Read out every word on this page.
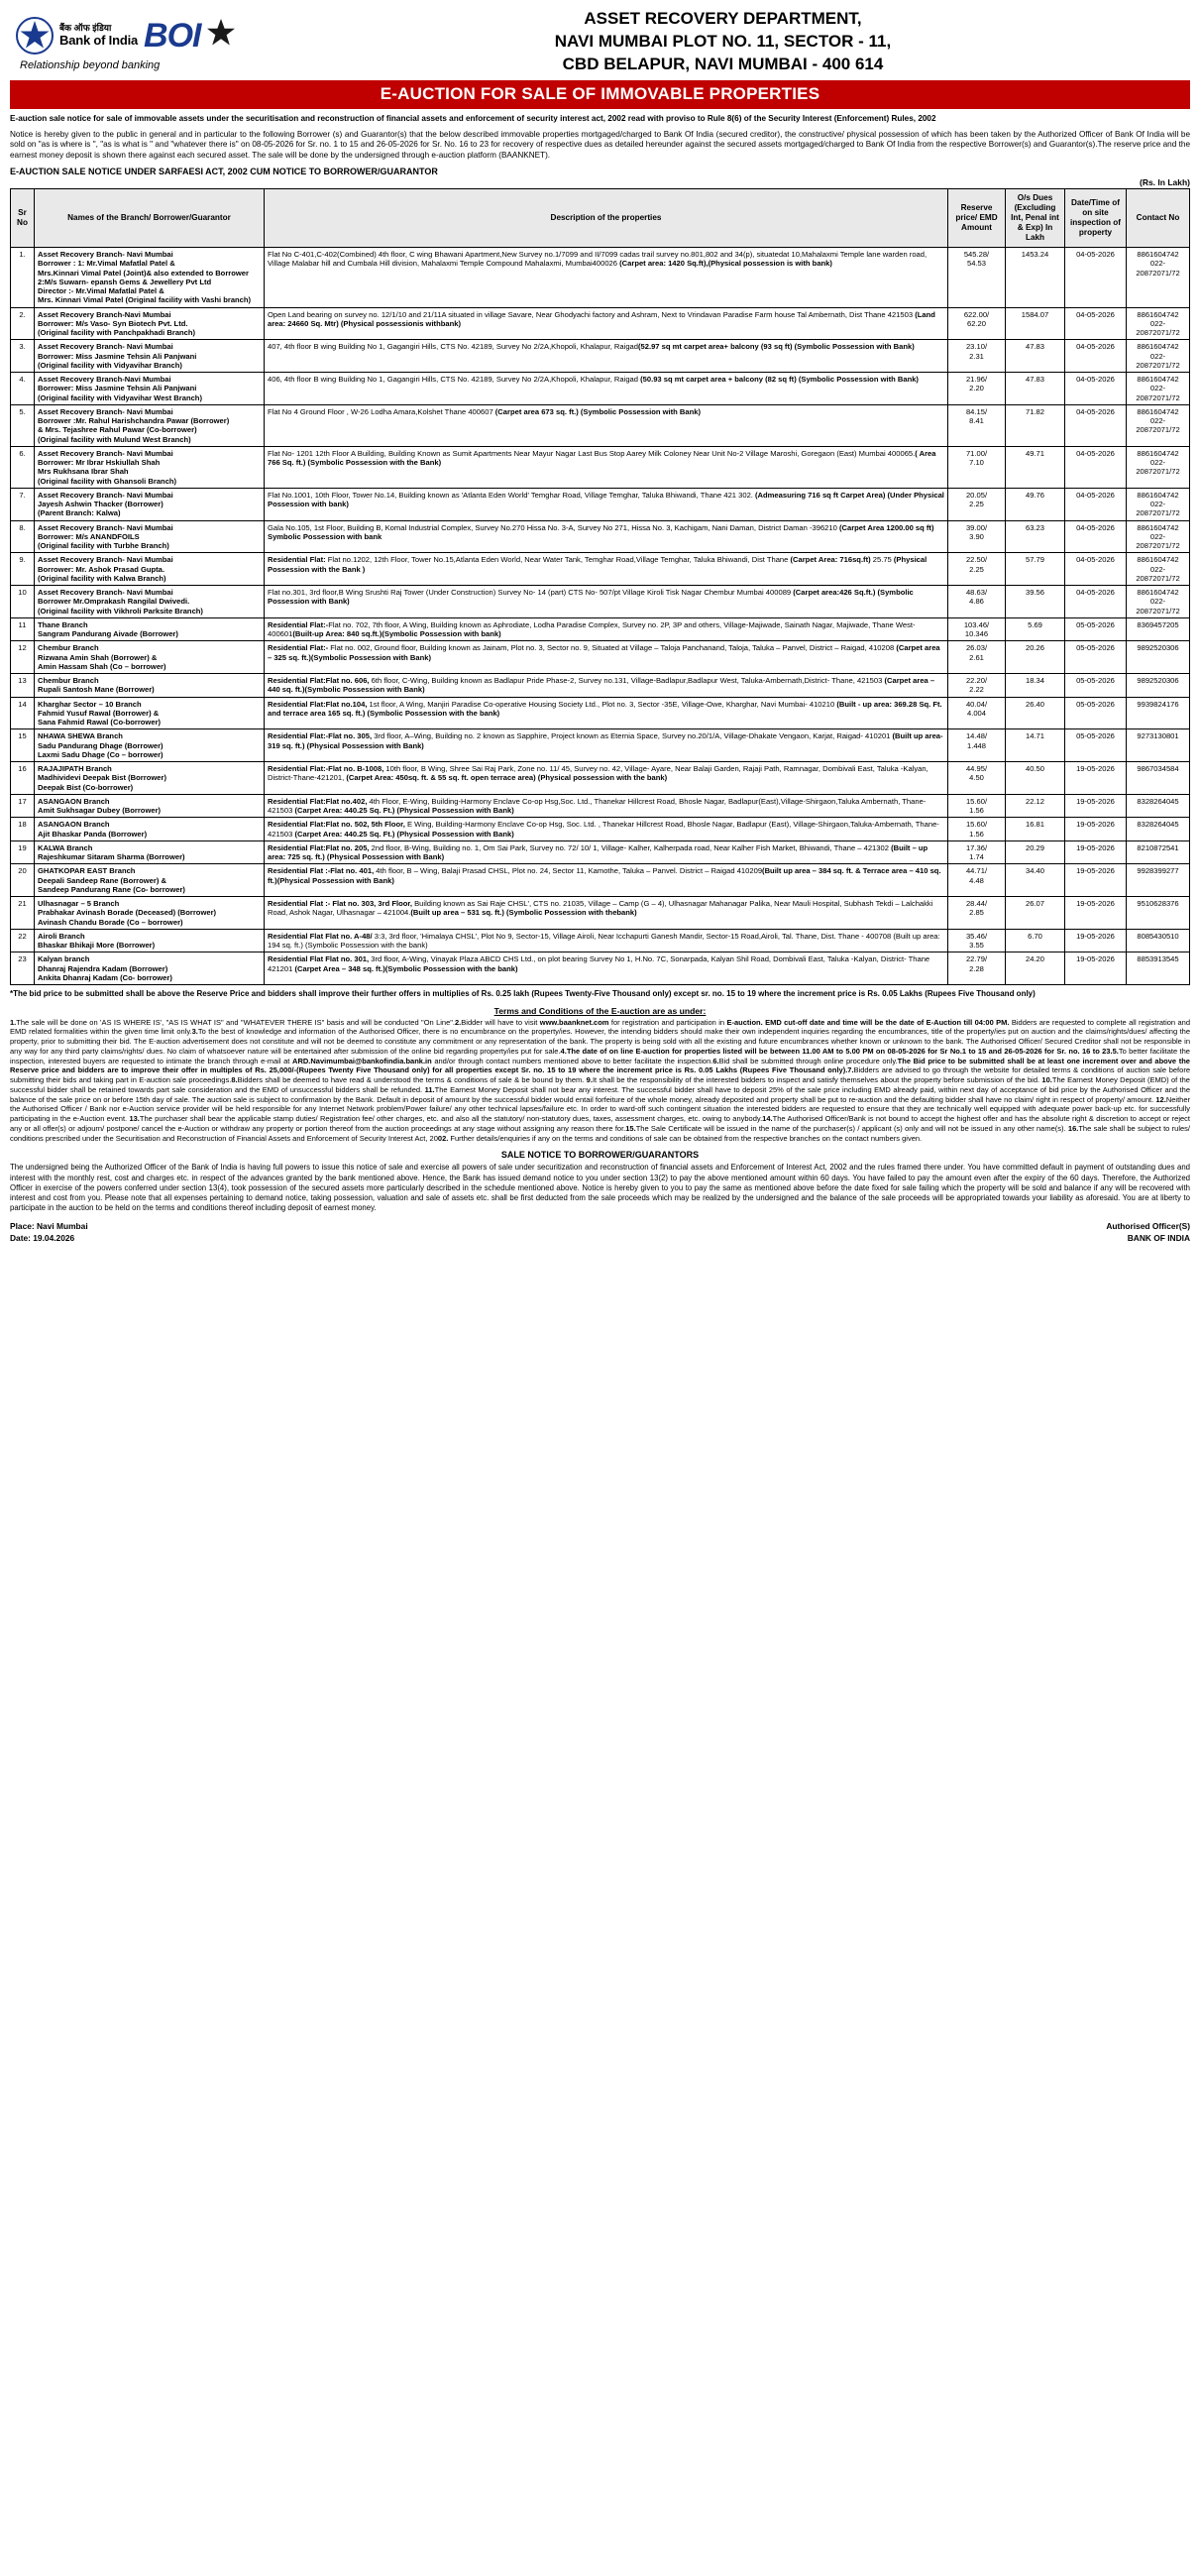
बैंक ऑफ इंडिया
Bank of India BOI
Relationship beyond banking
ASSET RECOVERY DEPARTMENT,
NAVI MUMBAI PLOT NO. 11, SECTOR - 11,
CBD BELAPUR, NAVI MUMBAI - 400 614
E-AUCTION FOR SALE OF IMMOVABLE PROPERTIES

E-auction sale notice for sale of immovable assets under the securitisation and reconstruction of financial assets and enforcement of security interest act, 2002 read with proviso to Rule 8(6) of the Security Interest (Enforcement) Rules, 2002

Notice is hereby given to the public in general and in particular to the following Borrower (s) and Guarantor(s) that the below described immovable properties mortgaged/charged to Bank Of India (secured creditor), the constructive/ physical possession of which has been taken by the Authorized Officer of Bank Of India will be sold on "as is where is ", "as is what is " and "whatever there is" on 08-05-2026 for Sr. no. 1 to 15 and 26-05-2026 for Sr. No. 16 to 23 for recovery of respective dues as detailed hereunder against the secured assets mortgaged/charged to Bank Of India from the respective Borrower(s) and Guarantor(s).The reserve price and the earnest money deposit is shown there against each secured asset. The sale will be done by the undersigned through e-auction platform (BAANKNET).

E-AUCTION SALE NOTICE UNDER SARFAESI ACT, 2002 CUM NOTICE TO BORROWER/GUARANTOR
(Rs. In Lakh)
Sr No	Names of the Branch/ Borrower/Guarantor	Description of the properties	Reserve price/ EMD Amount	O/s Dues (Excluding Int, Penal int & Exp) In Lakh	Date/Time of on site inspection of property	Contact No
1.	Asset Recovery Branch- Navi Mumbai
Borrower : 1: Mr.Vimal Mafatlal Patel &
Mrs.Kinnari Vimal Patel (Joint)& also extended to Borrower 2:M/s Suwarn- epansh Gems & Jewellery Pvt Ltd
Director :- Mr.Vimal Mafatlal Patel &
Mrs. Kinnari Vimal Patel (Original facility with Vashi branch)	Flat No C-401,C-402(Combined) 4th floor, C wing Bhawani Apartment,New Survey no.1/7099 and II/7099 cadas trail survey no.801,802 and 34(p), situatedat 10,Mahalaxmi Temple lane warden road, Village Malabar hill and Cumbala Hill division, Mahalaxmi Temple Compound Mahalaxmi, Mumbai400026 (Carpet area: 1420 Sq.ft),(Physical possession is with bank)	545.28/
54.53	1453.24	04-05-2026	8861604742
022-20872071/72
2.	Asset Recovery Branch-Navi Mumbai
Borrower: M/s Vaso- Syn Biotech Pvt. Ltd.
(Original facility with Panchpakhadi Branch)	Open Land bearing on survey no. 12/1/10 and 21/11A situated in village Savare, Near Ghodyachi factory and Ashram, Next to Vrindavan Paradise Farm house Tal Ambernath, Dist Thane 421503 (Land area: 24660 Sq. Mtr) (Physical possessionis withbank)	622.00/
62.20	1584.07	04-05-2026	8861604742
022-20872071/72
3.	Asset Recovery Branch- Navi Mumbai
Borrower: Miss Jasmine Tehsin Ali Panjwani
(Original facility with Vidyavihar Branch)	407, 4th floor B wing Building No 1, Gagangiri Hills, CTS No. 42189, Survey No 2/2A,Khopoli, Khalapur, Raigad(52.97 sq mt carpet area+ balcony (93 sq ft) (Symbolic Possession with Bank)	23.10/
2.31	47.83	04-05-2026	8861604742
022-20872071/72
4.	Asset Recovery Branch-Navi Mumbai
Borrower: Miss Jasmine Tehsin Ali Panjwani
(Original facility with Vidyavihar West Branch)	406, 4th floor B wing Building No 1, Gagangiri Hills, CTS No. 42189, Survey No 2/2A,Khopoli, Khalapur, Raigad (50.93 sq mt carpet area + balcony (82 sq ft) (Symbolic Possession with Bank)	21.96/
2.20	47.83	04-05-2026	8861604742
022-20872071/72
5.	Asset Recovery Branch- Navi Mumbai
Borrower :Mr. Rahul Harishchandra Pawar (Borrower)
& Mrs. Tejashree Rahul Pawar (Co-borrower)
(Original facility with Mulund West Branch)	Flat No 4 Ground Floor , W-26 Lodha Amara,Kolshet Thane 400607 (Carpet area 673 sq. ft.) (Symbolic Possession with Bank)	84.15/
8.41	71.82	04-05-2026	8861604742
022-20872071/72
6.	Asset Recovery Branch- Navi Mumbai
Borrower: Mr Ibrar Hskiullah Shah
Mrs Rukhsana Ibrar Shah
(Original facility with Ghansoli Branch)	Flat No- 1201 12th Floor A Building, Building Known as Sumit Apartments Near Mayur Nagar Last Bus Stop Aarey Milk Coloney Near Unit No-2 Village Maroshi, Goregaon (East) Mumbai 400065.( Area 766 Sq. ft.) (Symbolic Possession with the Bank)	71.00/
7.10	49.71	04-05-2026	8861604742
022-20872071/72
7.	Asset Recovery Branch- Navi Mumbai
Jayesh Ashwin Thacker (Borrower)
(Parent Branch: Kalwa)	Flat No.1001, 10th Floor, Tower No.14, Building known as 'Atlanta Eden World' Temghar Road, Village Temghar, Taluka Bhiwandi, Thane 421 302. (Admeasuring 716 sq ft Carpet Area) (Under Physical Possession with bank)	20.05/
2.25	49.76	04-05-2026	8861604742
022-20872071/72
8.	Asset Recovery Branch- Navi Mumbai
Borrower: M/s ANANDFOILS
(Original facility with Turbhe Branch)	Gala No.105, 1st Floor, Building B, Komal Industrial Complex, Survey No.270 Hissa No. 3-A, Survey No 271, Hissa No. 3, Kachigam, Nani Daman, District Daman -396210 (Carpet Area 1200.00 sq ft) Symbolic Possession with bank	39.00/
3.90	63.23	04-05-2026	8861604742
022-20872071/72
9.	Asset Recovery Branch- Navi Mumbai
Borrower: Mr. Ashok Prasad Gupta.
(Original facility with Kalwa Branch)	Residential Flat: Flat no.1202, 12th Floor, Tower No.15,Atlanta Eden World, Near Water Tank, Temghar Road,Village Temghar, Taluka Bhiwandi, Dist Thane (Carpet Area: 716sq.ft) 25.75 (Physical Possession with the Bank )	22.50/
2.25	57.79	04-05-2026	8861604742
022-20872071/72
10	Asset Recovery Branch- Navi Mumbai
Borrower Mr.Omprakash Rangilal Dwivedi.
(Original facility with Vikhroli Parksite Branch)	Flat no.301, 3rd floor,B Wing Srushti Raj Tower (Under Construction) Survey No- 14 (part) CTS No- 507/pt Village Kiroli Tisk Nagar Chembur Mumbai 400089 (Carpet area:426 Sq.ft.) (Symbolic Possession with Bank)	48.63/
4.86	39.56	04-05-2026	8861604742
022-20872071/72
11	Thane Branch
Sangram Pandurang Aivade (Borrower)	Residential Flat:-Flat no. 702, 7th floor, A Wing, Building known as Aphrodiate, Lodha Paradise Complex, Survey no. 2P, 3P and others, Village-Majiwade, Sainath Nagar, Majiwade, Thane West-400601(Built-up Area: 840 sq.ft.)(Symbolic Possession with bank)	103.46/
10.346	5.69	05-05-2026	8369457205
12	Chembur Branch
Rizwana Amin Shah (Borrower) &
Amin Hassam Shah (Co – borrower)	Residential Flat:- Flat no. 002, Ground floor, Building known as Jainam, Plot no. 3, Sector no. 9, Situated at Village – Taloja Panchanand, Taloja, Taluka – Panvel, District – Raigad, 410208 (Carpet area – 325 sq. ft.)(Symbolic Possession with Bank)	26.03/
2.61	20.26	05-05-2026	9892520306
13	Chembur Branch
Rupali Santosh Mane (Borrower)	Residential Flat:Flat no. 606, 6th floor, C-Wing, Building known as Badlapur Pride Phase-2, Survey no.131, Village-Badlapur,Badlapur West, Taluka-Ambernath,District- Thane, 421503 (Carpet area – 440 sq. ft.)(Symbolic Possession with Bank)	22.20/
2.22	18.34	05-05-2026	9892520306
14	Kharghar Sector – 10 Branch
Fahmid Yusuf Rawal (Borrower) &
Sana Fahmid Rawal (Co-borrower)	Residential Flat:Flat no.104, 1st floor, A Wing, Manjiri Paradise Co-operative Housing Society Ltd., Plot no. 3, Sector -35E, Village-Owe, Kharghar, Navi Mumbai- 410210 (Built - up area: 369.28 Sq. Ft. and terrace area 165 sq. ft.) (Symbolic Possession with the bank)	40.04/
4.004	26.40	05-05-2026	9939824176
15	NHAWA SHEWA Branch
Sadu Pandurang Dhage (Borrower)
Laxmi Sadu Dhage (Co – borrower)	Residential Flat:-Flat no. 305, 3rd floor, A–Wing, Building no. 2 known as Sapphire, Project known as Eternia Space, Survey no.20/1/A, Village-Dhakate Vengaon, Karjat, Raigad- 410201 (Built up area-319 sq. ft.) (Physical Possession with Bank)	14.48/
1.448	14.71	05-05-2026	9273130801
16	RAJAJIPATH Branch
Madhividevi Deepak Bist (Borrower)
Deepak Bist (Co-borrower)	Residential Flat:-Flat no. B-1008, 10th floor, B Wing, Shree Sai Raj Park, Zone no. 11/ 45, Survey no. 42, Village- Ayare, Near Balaji Garden, Rajaji Path, Ramnagar, Dombivali East, Taluka -Kalyan, District-Thane-421201, (Carpet Area: 450sq. ft. & 55 sq. ft. open terrace area) (Physical possession with the bank)	44.95/
4.50	40.50	19-05-2026	9867034584
17	ASANGAON Branch
Amit Sukhsagar Dubey (Borrower)	Residential Flat:Flat no.402, 4th Floor, E-Wing, Building-Harmony Enclave Co-op Hsg,Soc. Ltd., Thanekar Hillcrest Road, Bhosle Nagar, Badlapur(East),Village-Shirgaon,Taluka Ambernath, Thane-421503 (Carpet Area: 440.25 Sq. Ft.) (Physical Possession with Bank)	15.60/
1.56	22.12	19-05-2026	8328264045
18	ASANGAON Branch
Ajit Bhaskar Panda (Borrower)	Residential Flat:Flat no. 502, 5th Floor, E Wing, Building-Harmony Enclave Co-op Hsg, Soc. Ltd. , Thanekar Hillcrest Road, Bhosle Nagar, Badlapur (East), Village-Shirgaon,Taluka-Ambernath, Thane-421503 (Carpet Area: 440.25 Sq. Ft.) (Physical Possession with Bank)	15.60/
1.56	16.81	19-05-2026	8328264045
19	KALWA Branch
Rajeshkumar Sitaram Sharma (Borrower)	Residential Flat:Flat no. 205, 2nd floor, B-Wing, Building no. 1, Om Sai Park, Survey no. 72/ 10/ 1, Village- Kalher, Kalherpada road, Near Kalher Fish Market, Bhiwandi, Thane – 421302 (Built – up area: 725 sq. ft.) (Physical Possession with Bank)	17.36/
1.74	20.29	19-05-2026	8210872541
20	GHATKOPAR EAST Branch
Deepali Sandeep Rane (Borrower) &
Sandeep Pandurang Rane (Co- borrower)	Residential Flat :-Flat no. 401, 4th floor, B – Wing, Balaji Prasad CHSL, Plot no. 24, Sector 11, Kamothe, Taluka – Panvel. District – Raigad 410209(Built up area – 384 sq. ft. & Terrace area – 410 sq. ft.)(Physical Possession with Bank)	44.71/
4.48	34.40	19-05-2026	9928399277
21	Ulhasnagar – 5 Branch
Prabhakar Avinash Borade (Deceased) (Borrower)
Avinash Chandu Borade (Co – borrower)	Residential Flat :- Flat no. 303, 3rd Floor, Building known as Sai Raje CHSL', CTS no. 21035, Village – Camp (G – 4), Ulhasnagar Mahanagar Palika, Near Mauli Hospital, Subhash Tekdi – Lalchakki Road, Ashok Nagar, Ulhasnagar – 421004.(Built up area – 531 sq. ft.) (Symbolic Possession with thebank)	28.44/
2.85	26.07	19-05-2026	9510628376
22	Airoli Branch
Bhaskar Bhikaji More (Borrower)	Residential Flat Flat no. A-48/ 3:3, 3rd floor, 'Himalaya CHSL', Plot No 9, Sector-15, Village Airoli, Near Icchapurti Ganesh Mandir, Sector-15 Road,Airoli, Tal. Thane, Dist. Thane - 400708 (Built up area: 194 sq. ft.) (Symbolic Possession with the bank)	35.46/
3.55	6.70	19-05-2026	8085430510
23	Kalyan branch
Dhanraj Rajendra Kadam (Borrower)
Ankita Dhanraj Kadam (Co- borrower)	Residential Flat Flat no. 301, 3rd floor, A-Wing, Vinayak Plaza ABCD CHS Ltd., on plot bearing Survey No 1, H.No. 7C, Sonarpada, Kalyan Shil Road, Dombivali East, Taluka -Kalyan, District- Thane 421201 (Carpet Area – 348 sq. ft.)(Symbolic Possession with the bank)	22.79/
2.28	24.20	19-05-2026	8853913545
*The bid price to be submitted shall be above the Reserve Price and bidders shall improve their further offers in multiplies of Rs. 0.25 lakh (Rupees Twenty-Five Thousand only) except sr. no. 15 to 19 where the increment price is Rs. 0.05 Lakhs (Rupees Five Thousand only)
Terms and Conditions of the E-auction are as under:

1.The sale will be done on 'AS IS WHERE IS', "AS IS WHAT IS" and "WHATEVER THERE IS" basis and will be conducted "On Line".2.Bidder will have to visit www.baanknet.com for registration and participation in E-auction. EMD cut-off date and time will be the date of E-Auction till 04:00 PM. Bidders are requested to complete all registration and EMD related formalities within the given time limit only.3.To the best of knowledge and information of the Authorised Officer, there is no encumbrance on the property/ies. However, the intending bidders should make their own independent inquiries regarding the encumbrances, title of the property/ies put on auction and the claims/rights/dues/ affecting the property, prior to submitting their bid. The E-auction advertisement does not constitute and will not be deemed to constitute any commitment or any representation of the bank. The property is being sold with all the existing and future encumbrances whether known or unknown to the bank. The Authorised Officer/ Secured Creditor shall not be responsible in any way for any third party claims/rights/ dues. No claim of whatsoever nature will be entertained after submission of the online bid regarding property/ies put for sale.4.The date of on line E-auction for properties listed will be between 11.00 AM to 5.00 PM on 08-05-2026 for Sr No.1 to 15 and 26-05-2026 for Sr. no. 16 to 23.5.To better facilitate the inspection, interested buyers are requested to intimate the branch through e-mail at ARD.Navimumbai@bankofindia.bank.in and/or through contact numbers mentioned above to better facilitate the inspection.6.Bid shall be submitted through online procedure only.The Bid price to be submitted shall be at least one increment over and above the Reserve price and bidders are to improve their offer in multiples of Rs. 25,000/-(Rupees Twenty Five Thousand only) for all properties except Sr. no. 15 to 19 where the increment price is Rs. 0.05 Lakhs (Rupees Five Thousand only).7.Bidders are advised to go through the website for detailed terms & conditions of auction sale before submitting their bids and taking part in E-auction sale proceedings.8.Bidders shall be deemed to have read & understood the terms & conditions of sale & be bound by them. 9.It shall be the responsibility of the interested bidders to inspect and satisfy themselves about the property before submission of the bid. 10.The Earnest Money Deposit (EMD) of the successful bidder shall be retained towards part sale consideration and the EMD of unsuccessful bidders shall be refunded. 11.The Earnest Money Deposit shall not bear any interest. The successful bidder shall have to deposit 25% of the sale price including EMD already paid, within next day of acceptance of bid price by the Authorised Officer and the balance of the sale price on or before 15th day of sale. The auction sale is subject to confirmation by the Bank. Default in deposit of amount by the successful bidder would entail forfeiture of the whole money, already deposited and property shall be put to re-auction and the defaulting bidder shall have no claim/ right in respect of property/ amount. 12.Neither the Authorised Officer / Bank nor e-Auction service provider will be held responsible for any Internet Network problem/Power failure/ any other technical lapses/failure etc. In order to ward-off such contingent situation the interested bidders are requested to ensure that they are technically well equipped with adequate power back-up etc. for successfully participating in the e-Auction event. 13.The purchaser shall bear the applicable stamp duties/ Registration fee/ other charges, etc. and also all the statutory/ non-statutory dues, taxes, assessment charges, etc. owing to anybody.14.The Authorised Officer/Bank is not bound to accept the highest offer and has the absolute right & discretion to accept or reject any or all offer(s) or adjourn/ postpone/ cancel the e-Auction or withdraw any property or portion thereof from the auction proceedings at any stage without assigning any reason there for.15.The Sale Certificate will be issued in the name of the purchaser(s) / applicant (s) only and will not be issued in any other name(s). 16.The sale shall be subject to rules/ conditions prescribed under the Securitisation and Reconstruction of Financial Assets and Enforcement of Security Interest Act, 2002. Further details/enquiries if any on the terms and conditions of sale can be obtained from the respective branches on the contact numbers given.

SALE NOTICE TO BORROWER/GUARANTORS
The undersigned being the Authorized Officer of the Bank of India is having full powers to issue this notice of sale and exercise all powers of sale under securitization and reconstruction of financial assets and Enforcement of Interest Act, 2002 and the rules framed there under. You have committed default in payment of outstanding dues and interest with the monthly rest, cost and charges etc. in respect of the advances granted by the bank mentioned above. Hence, the Bank has issued demand notice to you under section 13(2) to pay the above mentioned amount within 60 days. You have failed to pay the amount even after the expiry of the 60 days. Therefore, the Authorized Officer in exercise of the powers conferred under section 13(4), took possession of the secured assets more particularly described in the schedule mentioned above. Notice is hereby given to you to pay the same as mentioned above before the date fixed for sale failing which the property will be sold and balance if any will be recovered with interest and cost from you. Please note that all expenses pertaining to demand notice, taking possession, valuation and sale of assets etc. shall be first deducted from the sale proceeds which may be realized by the undersigned and the balance of the sale proceeds will be appropriated towards your liability as aforesaid. You are at liberty to participate in the auction to be held on the terms and conditions thereof including deposit of earnest money.
Place: Navi Mumbai
Date: 19.04.2026
Authorised Officer(S)
BANK OF INDIA
